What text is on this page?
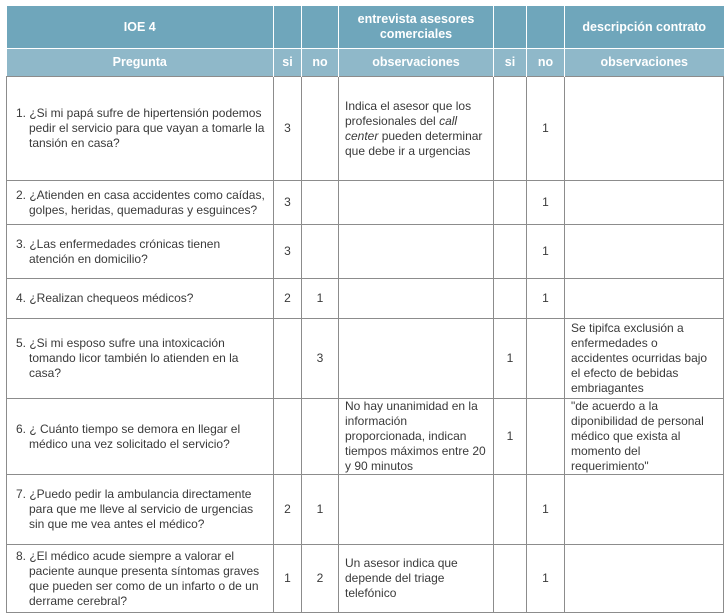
IOE 4			entrevista asesores comerciales			descripción contrato
Pregunta	si	no	observaciones	si	no	observaciones

1. ¿Si mi papá sufre de hipertensión podemos pedir el servicio para que vayan a tomarle la tansión en casa?	3		Indica el asesor que los profesionales del call center pueden determinar que debe ir a urgencias		1	

2. ¿Atienden en casa accidentes como caídas, golpes, heridas, quemaduras y esguinces?	3				1	

3. ¿Las enfermedades crónicas tienen atención en domicilio?	3				1	

4. ¿Realizan chequeos médicos?	2	1			1	

5. ¿Si mi esposo sufre una intoxicación tomando licor también lo atienden en la casa?		3		1		Se tipifca exclusión a enfermedades o accidentes ocurridas bajo el efecto de bebidas embriagantes

6. ¿ Cuánto tiempo se demora en llegar el médico una vez solicitado el servicio?			No hay unanimidad en la información proporcionada, indican tiempos máximos entre 20 y 90 minutos	1		"de acuerdo a la diponibilidad de personal médico que exista al momento del requerimiento"

7. ¿Puedo pedir la ambulancia directamente para que me lleve al servicio de urgencias sin que me vea antes el médico?	2	1			1	

8. ¿El médico acude siempre a valorar el paciente aunque presenta síntomas graves que pueden ser como de un infarto o de un derrame cerebral?	1	2	Un asesor indica que depende del triage telefónico		1	
